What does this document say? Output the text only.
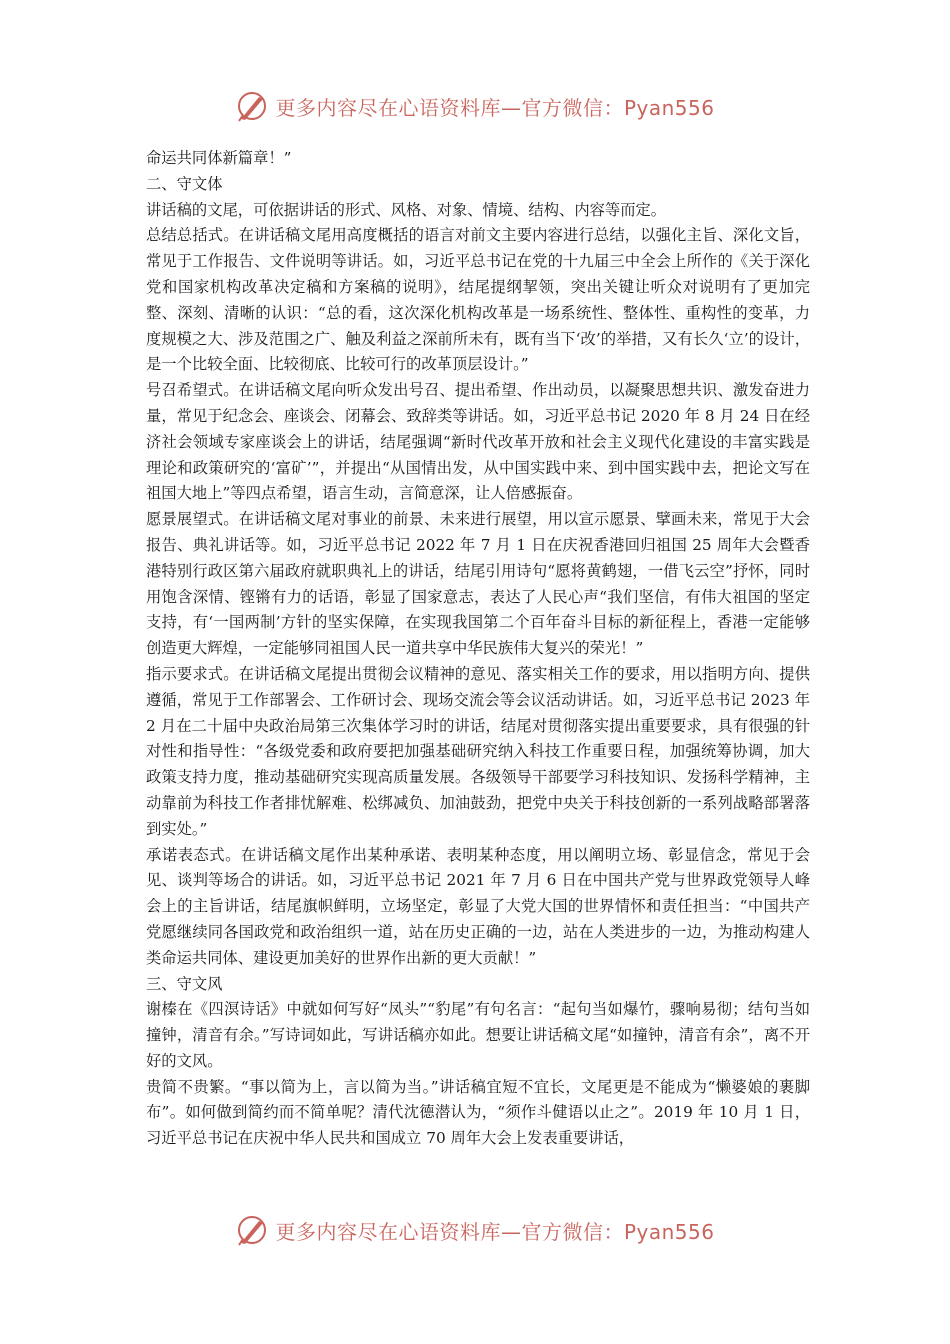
更多内容尽在心语资料库—官方微信：Pyan556

命运共同体新篇章！”

二、守文体

讲话稿的文尾，可依据讲话的形式、风格、对象、情境、结构、内容等而定。

总结总括式。在讲话稿文尾用高度概括的语言对前文主要内容进行总结，以强化主旨、深化文旨，常见于工作报告、文件说明等讲话。如，习近平总书记在党的十九届三中全会上所作的《关于深化党和国家机构改革决定稿和方案稿的说明》，结尾提纲挈领，突出关键让听众对说明有了更加完整、深刻、清晰的认识：“总的看，这次深化机构改革是一场系统性、整体性、重构性的变革，力度规模之大、涉及范围之广、触及利益之深前所未有，既有当下‘改’的举措，又有长久‘立’的设计，是一个比较全面、比较彻底、比较可行的改革顶层设计。”

号召希望式。在讲话稿文尾向听众发出号召、提出希望、作出动员，以凝聚思想共识、激发奋进力量，常见于纪念会、座谈会、闭幕会、致辞类等讲话。如，习近平总书记 2020 年 8 月 24 日在经济社会领域专家座谈会上的讲话，结尾强调“新时代改革开放和社会主义现代化建设的丰富实践是理论和政策研究的‘富矿’”，并提出“从国情出发，从中国实践中来、到中国实践中去，把论文写在祖国大地上”等四点希望，语言生动，言简意深，让人倍感振奋。

愿景展望式。在讲话稿文尾对事业的前景、未来进行展望，用以宣示愿景、擘画未来，常见于大会报告、典礼讲话等。如，习近平总书记 2022 年 7 月 1 日在庆祝香港回归祖国 25 周年大会暨香港特别行政区第六届政府就职典礼上的讲话，结尾引用诗句“愿将黄鹤翅，一借飞云空”抒怀，同时用饱含深情、铿锵有力的话语，彰显了国家意志，表达了人民心声“我们坚信，有伟大祖国的坚定支持，有‘一国两制’方针的坚实保障，在实现我国第二个百年奋斗目标的新征程上，香港一定能够创造更大辉煌，一定能够同祖国人民一道共享中华民族伟大复兴的荣光！”

指示要求式。在讲话稿文尾提出贯彻会议精神的意见、落实相关工作的要求，用以指明方向、提供遵循，常见于工作部署会、工作研讨会、现场交流会等会议活动讲话。如，习近平总书记 2023 年 2 月在二十届中央政治局第三次集体学习时的讲话，结尾对贯彻落实提出重要要求，具有很强的针对性和指导性：“各级党委和政府要把加强基础研究纳入科技工作重要日程，加强统筹协调，加大政策支持力度，推动基础研究实现高质量发展。各级领导干部要学习科技知识、发扬科学精神，主动靠前为科技工作者排忧解难、松绑减负、加油鼓劲，把党中央关于科技创新的一系列战略部署落到实处。”

承诺表态式。在讲话稿文尾作出某种承诺、表明某种态度，用以阐明立场、彰显信念，常见于会见、谈判等场合的讲话。如，习近平总书记 2021 年 7 月 6 日在中国共产党与世界政党领导人峰会上的主旨讲话，结尾旗帜鲜明，立场坚定，彰显了大党大国的世界情怀和责任担当：“中国共产党愿继续同各国政党和政治组织一道，站在历史正确的一边，站在人类进步的一边，为推动构建人类命运共同体、建设更加美好的世界作出新的更大贡献！”

三、守文风

谢榛在《四溟诗话》中就如何写好“凤头”“豹尾”有句名言：“起句当如爆竹，骤响易彻；结句当如撞钟，清音有余。”写诗词如此，写讲话稿亦如此。想要让讲话稿文尾“如撞钟，清音有余”，离不开好的文风。

贵简不贵繁。“事以简为上，言以简为当。”讲话稿宜短不宜长，文尾更是不能成为“懒婆娘的裹脚布”。如何做到简约而不简单呢？清代沈德潜认为，“须作斗健语以止之”。2019 年 10 月 1 日，习近平总书记在庆祝中华人民共和国成立 70 周年大会上发表重要讲话，

更多内容尽在心语资料库—官方微信：Pyan556
